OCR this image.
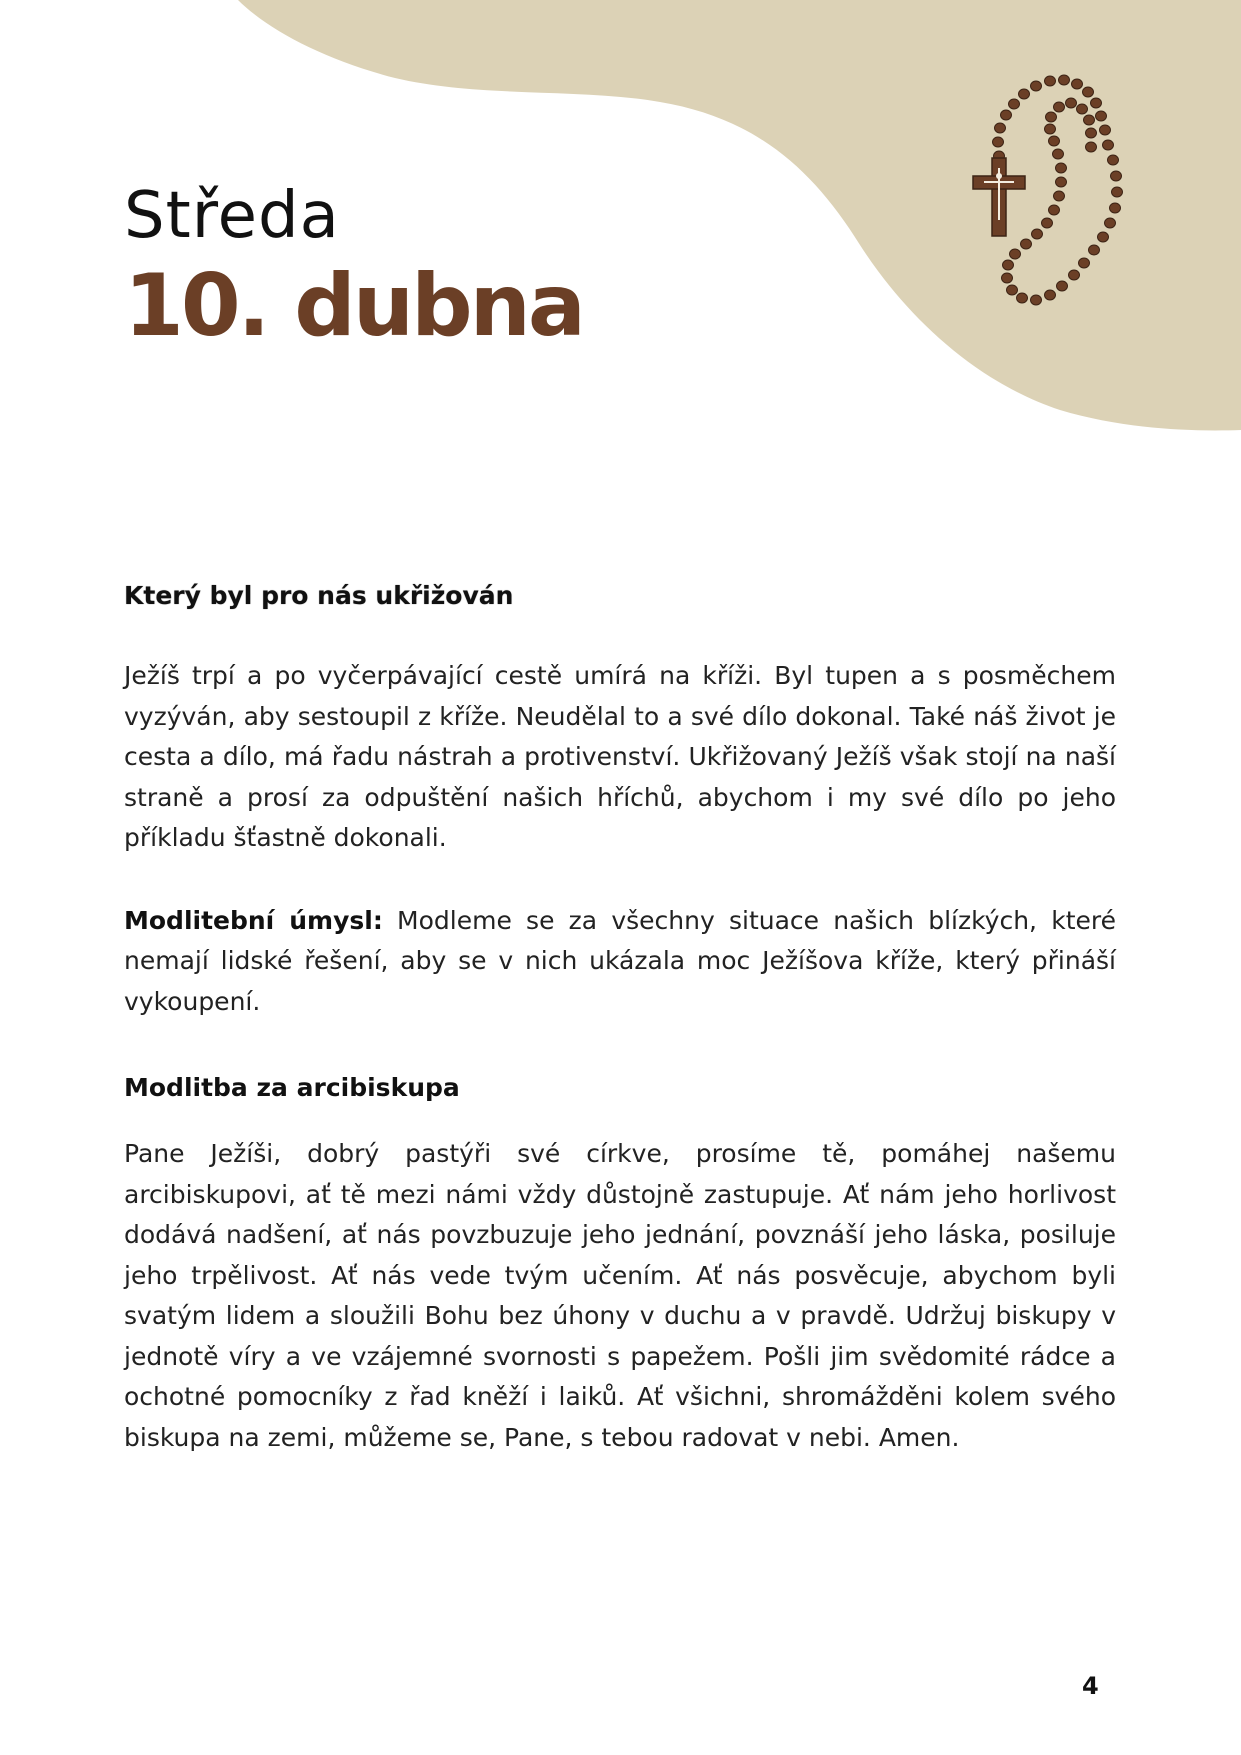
Středa
10. dubna
Který byl pro nás ukřižován

Ježíš trpí a po vyčerpávající cestě umírá na kříži. Byl tupen a s posměchem vyzýván, aby sestoupil z kříže. Neudělal to a své dílo dokonal. Také náš život je cesta a dílo, má řadu nástrah a protivenství. Ukřižovaný Ježíš však stojí na naší straně a prosí za odpuštění našich hříchů, abychom i my své dílo po jeho příkladu šťastně dokonali.

Modlitební úmysl: Modleme se za všechny situace našich blízkých, které nemají lidské řešení, aby se v nich ukázala moc Ježíšova kříže, který přináší vykoupení.

Modlitba za arcibiskupa

Pane Ježíši, dobrý pastýři své církve, prosíme tě, pomáhej našemu arcibiskupovi, ať tě mezi námi vždy důstojně zastupuje. Ať nám jeho horlivost dodává nadšení, ať nás povzbuzuje jeho jednání, povznáší jeho láska, posiluje jeho trpělivost. Ať nás vede tvým učením. Ať nás posvěcuje, abychom byli svatým lidem a sloužili Bohu bez úhony v duchu a v pravdě. Udržuj biskupy v jednotě víry a ve vzájemné svornosti s papežem. Pošli jim svědomité rádce a ochotné pomocníky z řad kněží i laiků. Ať všichni, shromážděni kolem svého biskupa na zemi, můžeme se, Pane, s tebou radovat v nebi. Amen.

4
